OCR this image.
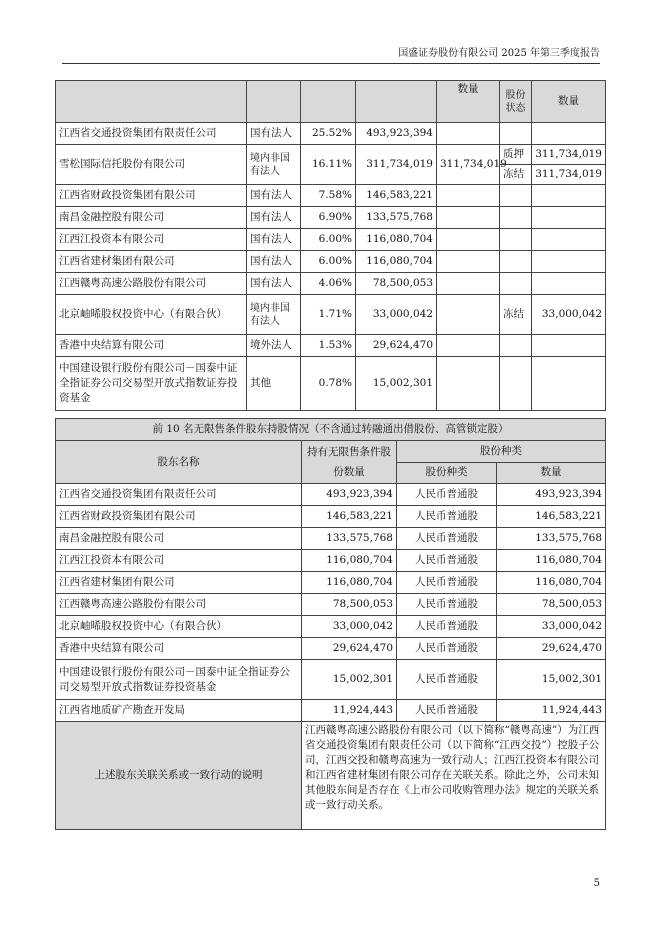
国盛证券股份有限公司 2025 年第三季度报告
				数量	股份状态	数量
江西省交通投资集团有限责任公司	国有法人	25.52%	493,923,394			
雪松国际信托股份有限公司	境内非国有法人	16.11%	311,734,019	311,734,019	质押	311,734,019
					冻结	311,734,019
江西省财政投资集团有限公司	国有法人	7.58%	146,583,221			
南昌金融控股有限公司	国有法人	6.90%	133,575,768			
江西江投资本有限公司	国有法人	6.00%	116,080,704			
江西省建材集团有限公司	国有法人	6.00%	116,080,704			
江西赣粤高速公路股份有限公司	国有法人	4.06%	78,500,053			
北京岫晞股权投资中心（有限合伙）	境内非国有法人	1.71%	33,000,042		冻结	33,000,042
香港中央结算有限公司	境外法人	1.53%	29,624,470			
中国建设银行股份有限公司－国泰中证全指证券公司交易型开放式指数证券投资基金	其他	0.78%	15,002,301			
前 10 名无限售条件股东持股情况（不含通过转融通出借股份、高管锁定股）			
股东名称	持有无限售条件股份数量	股份种类	
		股份种类	数量
江西省交通投资集团有限责任公司	493,923,394	人民币普通股	493,923,394
江西省财政投资集团有限公司	146,583,221	人民币普通股	146,583,221
南昌金融控股有限公司	133,575,768	人民币普通股	133,575,768
江西江投资本有限公司	116,080,704	人民币普通股	116,080,704
江西省建材集团有限公司	116,080,704	人民币普通股	116,080,704
江西赣粤高速公路股份有限公司	78,500,053	人民币普通股	78,500,053
北京岫晞股权投资中心（有限合伙）	33,000,042	人民币普通股	33,000,042
香港中央结算有限公司	29,624,470	人民币普通股	29,624,470
中国建设银行股份有限公司－国泰中证全指证券公司交易型开放式指数证券投资基金	15,002,301	人民币普通股	15,002,301
江西省地质矿产勘查开发局	11,924,443	人民币普通股	11,924,443
上述股东关联关系或一致行动的说明	江西赣粤高速公路股份有限公司（以下简称“赣粤高速”）为江西省交通投资集团有限责任公司（以下简称“江西交投”）控股子公司，江西交投和赣粤高速为一致行动人；江西江投资本有限公司和江西省建材集团有限公司存在关联关系。除此之外，公司未知其他股东间是否存在《上市公司收购管理办法》规定的关联关系或一致行动关系。		
5
